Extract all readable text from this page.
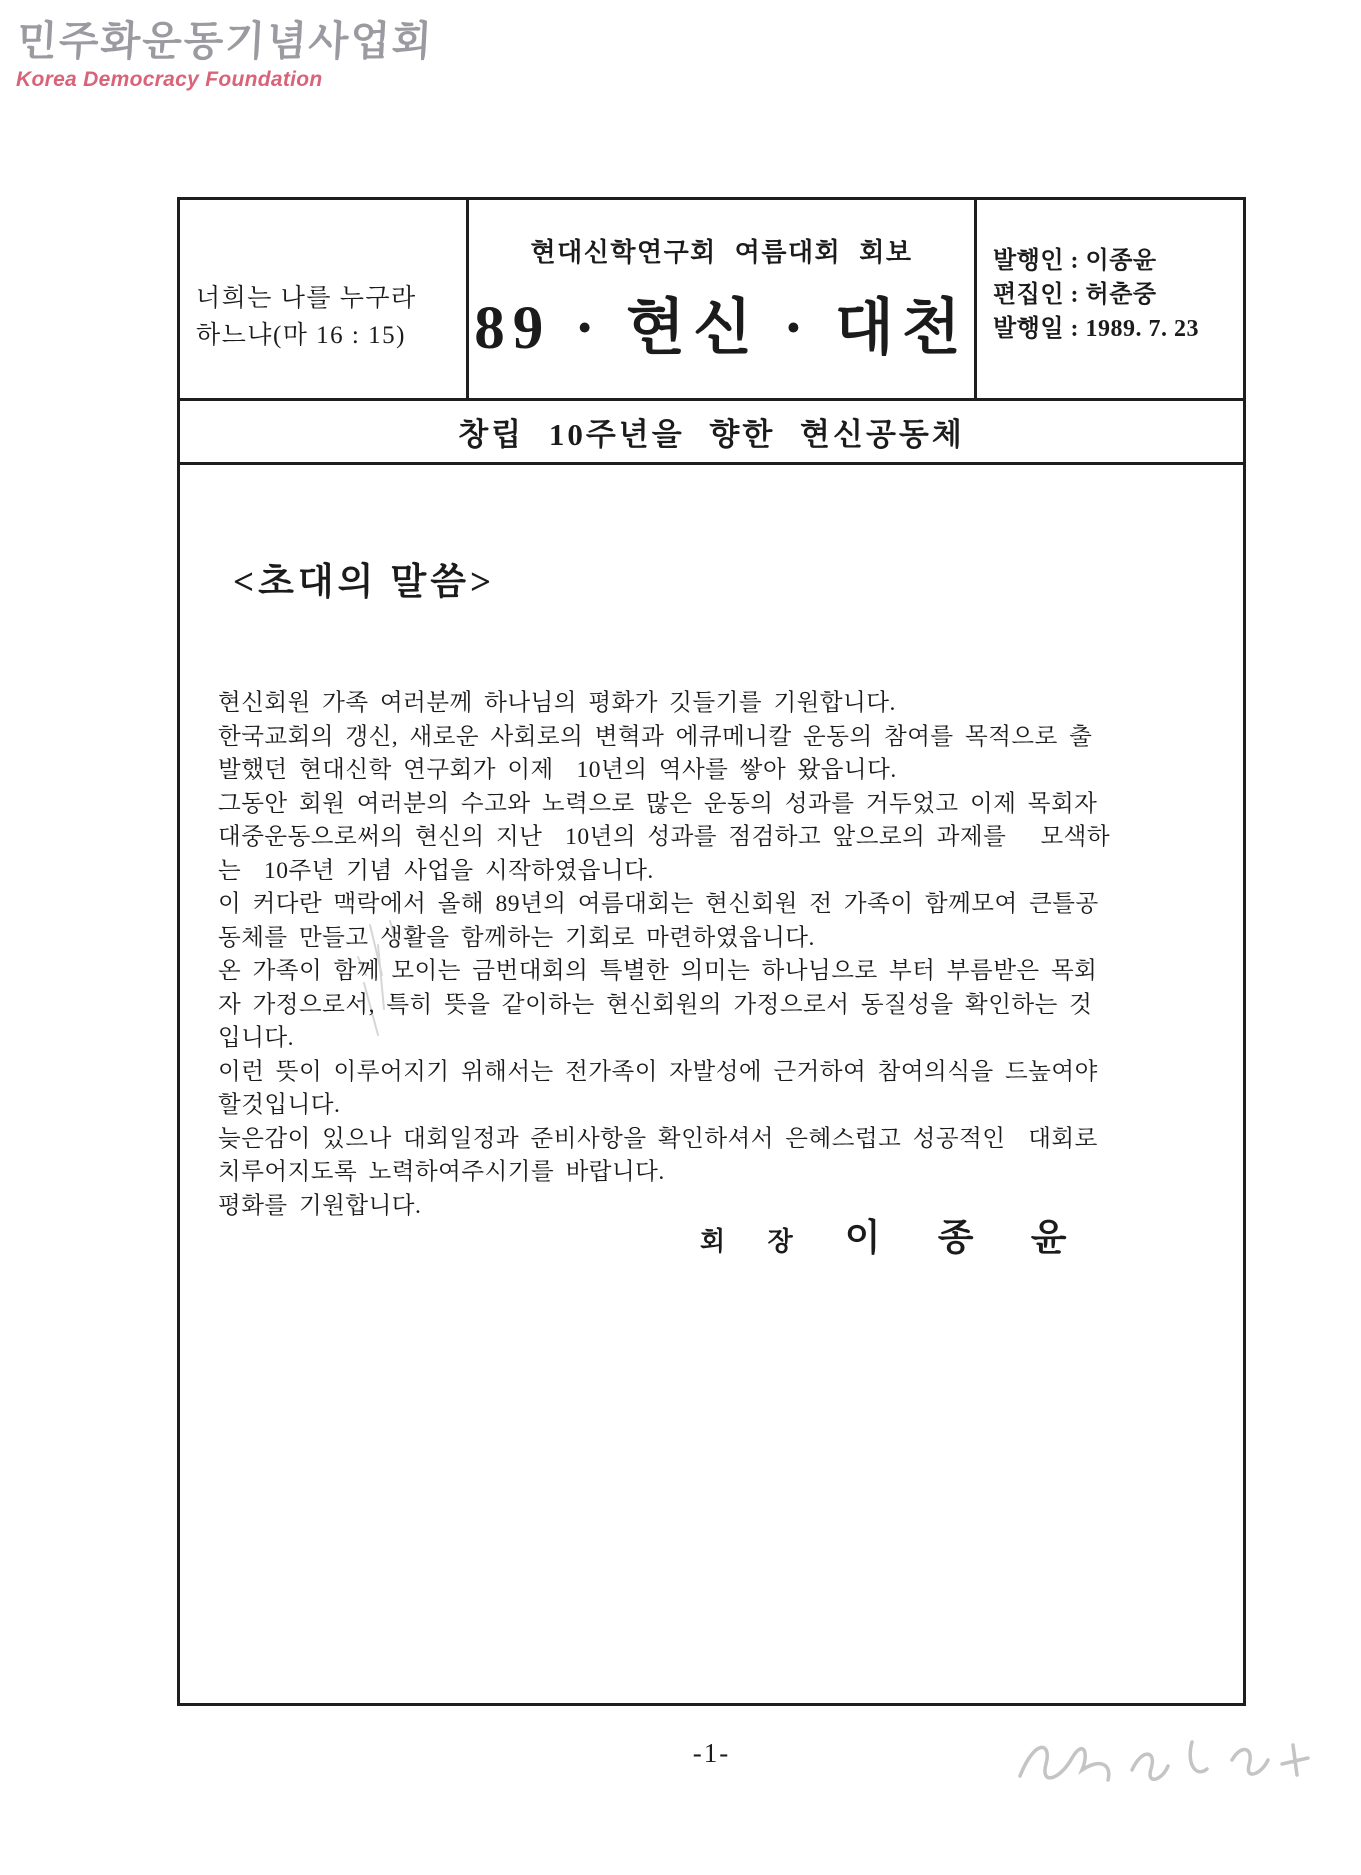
민주화운동기념사업회
Korea Democracy Foundation
너희는 나를 누구라
하느냐(마 16 : 15)
현대신학연구회 여름대회 회보
89 · 현신 · 대천
발행인 : 이종윤
편집인 : 허춘중
발행일 : 1989. 7. 23
창립 10주년을 향한 현신공동체
<초대의 말씀>
현신회원 가족 여러분께 하나님의 평화가 깃들기를 기원합니다.
한국교회의 갱신, 새로운 사회로의 변혁과 에큐메니칼 운동의 참여를 목적으로 출
발했던 현대신학 연구회가 이제  10년의 역사를 쌓아 왔읍니다.
그동안 회원 여러분의 수고와 노력으로 많은 운동의 성과를 거두었고 이제 목회자
대중운동으로써의 현신의 지난  10년의 성과를 점검하고 앞으로의 과제를   모색하
는  10주년 기념 사업을 시작하였읍니다.
이 커다란 맥락에서 올해 89년의 여름대회는 현신회원 전 가족이 함께모여 큰틀공
동체를 만들고 생활을 함께하는 기회로 마련하였읍니다.
온 가족이 함께 모이는 금번대회의 특별한 의미는 하나님으로 부터 부름받은 목회
자 가정으로서, 특히 뜻을 같이하는 현신회원의 가정으로서 동질성을 확인하는 것
입니다.
이런 뜻이 이루어지기 위해서는 전가족이 자발성에 근거하여 참여의식을 드높여야
할것입니다.
늦은감이 있으나 대회일정과 준비사항을 확인하셔서 은혜스럽고 성공적인  대회로
치루어지도록 노력하여주시기를 바랍니다.
평화를 기원합니다.
회 장 이 종 윤
-1-
